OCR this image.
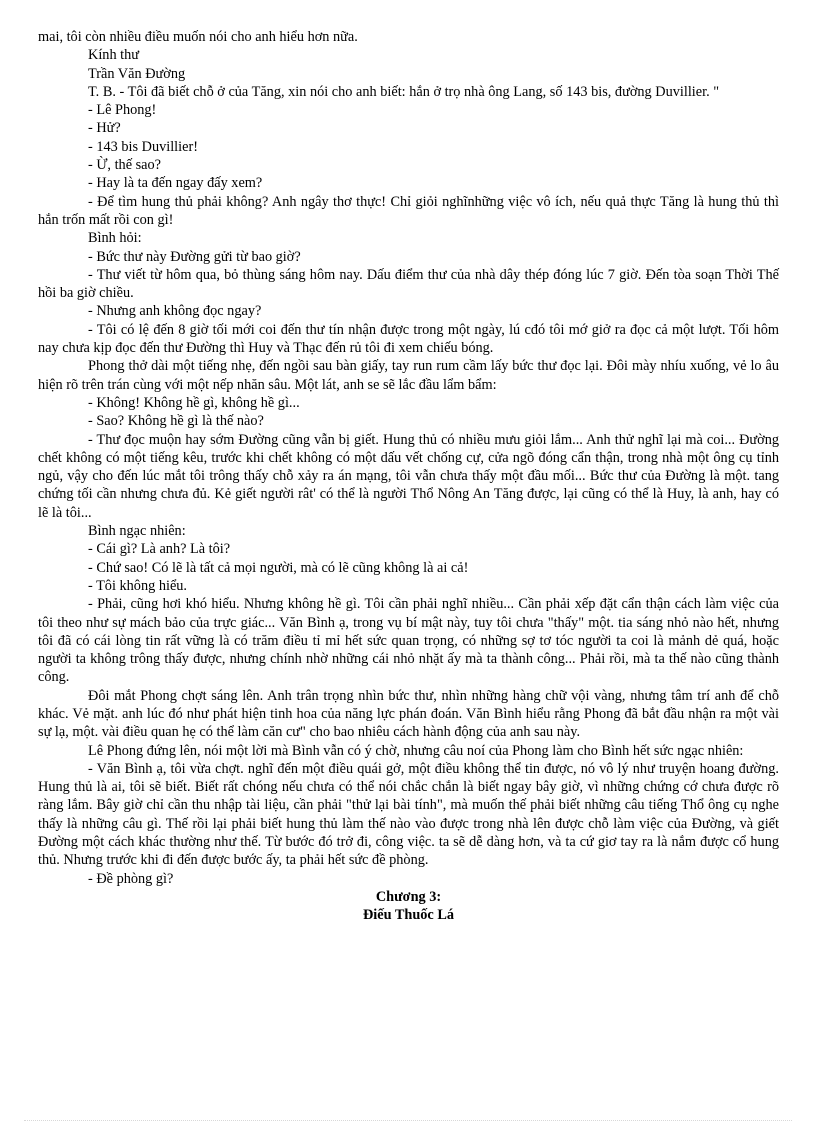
mai, tôi còn nhiều điều muốn nói cho anh hiểu hơn nữa.

Kính thư

Trần Văn Đường

T. B. - Tôi đã biết chỗ ở của Tăng, xin nói cho anh biết: hắn ở trọ nhà ông Lang, số 143 bis, đường Duvillier. "

- Lê Phong!

- Hử?

- 143 bis Duvillier!

- Ừ, thế sao?

- Hay là ta đến ngay đấy xem?

- Để tìm hung thủ phải không? Anh ngây thơ thực! Chỉ giỏi nghĩnhững việc vô ích, nếu quả thực Tăng là hung thủ thì hắn trốn mất rồi con gì!

Bình hỏi:

- Bức thư này Đường gửi từ bao giờ?

- Thư viết từ hôm qua, bỏ thùng sáng hôm nay. Dấu điểm thư của nhà dây thép đóng lúc 7 giờ. Đến tòa soạn Thời Thế hồi ba giờ chiều.

- Nhưng anh không đọc ngay?

- Tôi có lệ đến 8 giờ tối mới coi đến thư tín nhận được trong một ngày, lú cđó tôi mớ giở ra đọc cả một lượt. Tối hôm nay chưa kịp đọc đến thư Đường thì Huy và Thạc đến rủ tôi đi xem chiếu bóng.

Phong thở dài một tiếng nhẹ, đến ngồi sau bàn giấy, tay run rum cầm lấy bức thư đọc lại. Đôi mày nhíu xuống, vẻ lo âu hiện rõ trên trán cùng với một nếp nhăn sâu. Một lát, anh se sẽ lắc đầu lẩm bẩm:

- Không! Không hề gì, không hề gì...

- Sao? Không hề gì là thế nào?

- Thư đọc muộn hay sớm Đường cũng vẫn bị giết. Hung thủ có nhiều mưu giỏi lắm... Anh thử nghĩ lại mà coi... Đường chết không có một tiếng kêu, trước khi chết không có một dấu vết chống cự, cửa ngõ đóng cẩn thận, trong nhà một ông cụ tỉnh ngủ, vậy cho đến lúc mắt tôi trông thấy chỗ xảy ra án mạng, tôi vẫn chưa thấy một đầu mối... Bức thư của Đường là một. tang chứng tối cần nhưng chưa đủ. Kẻ giết người rât' có thể là người Thổ Nông An Tăng được, lại cũng có thể là Huy, là anh, hay có lẽ là tôi...

Bình ngạc nhiên:

- Cái gì? Là anh? Là tôi?

- Chứ sao! Có lẽ là tất cả mọi người, mà có lẽ cũng không là ai cả!

- Tôi không hiểu.

- Phải, cũng hơi khó hiểu. Nhưng không hề gì. Tôi cần phải nghĩ nhiều... Cần phải xếp đặt cẩn thận cách làm việc của tôi theo như sự mách bảo của trực giác... Văn Bình ạ, trong vụ bí mật này, tuy tôi chưa "thấy" một. tia sáng nhỏ nào hết, nhưng tôi đã có cái lòng tin rất vững là có trăm điều tỉ mỉ hết sức quan trọng, có những sợ tơ tóc người ta coi là mảnh dẻ quá, hoặc người ta không trông thấy được, nhưng chính nhờ những cái nhỏ nhặt ấy mà ta thành công... Phải rồi, mà ta thế nào cũng thành công.

Đôi mắt Phong chợt sáng lên. Anh trân trọng nhìn bức thư, nhìn những hàng chữ vội vàng, nhưng tâm trí anh để chỗ khác. Vẻ mặt. anh lúc đó như phát hiện tinh hoa của năng lực phán đoán. Văn Bình hiểu rằng Phong đã bắt đầu nhận ra một vài sự lạ, một. vài điều quan hẹ có thể làm căn cư" cho bao nhiêu cách hành động của anh sau này.

Lê Phong đứng lên, nói một lời mà Bình vẫn có ý chờ, nhưng câu noí của Phong làm cho Bình hết sức ngạc nhiên:

- Văn Bình ạ, tôi vừa chợt. nghĩ đến một điều quái gở, một điều không thể tin được, nó vô lý như truyện hoang đường. Hung thủ là ai, tôi sẽ biết. Biết rất chóng nếu chưa có thể nói chắc chắn là biết ngay bây giờ, vì những chứng cớ chưa được rõ ràng lắm. Bây giờ chỉ cần thu nhập tài liệu, cần phải "thử lại bài tính", mà muốn thế phải biết những câu tiếng Thổ ông cụ nghe thấy là những câu gì. Thế rồi lại phải biết hung thủ làm thế nào vào được trong nhà lên được chỗ làm việc của Đường, và giết Đường một cách khác thường như thế. Từ bước đó trở đi, công việc. ta sẽ dễ dàng hơn, và ta cứ giơ tay ra là nắm được cổ hung thủ. Nhưng trước khi đi đến được bước ấy, ta phải hết sức đề phòng.

- Đề phòng gì?

Chương 3:

Điếu Thuốc Lá
